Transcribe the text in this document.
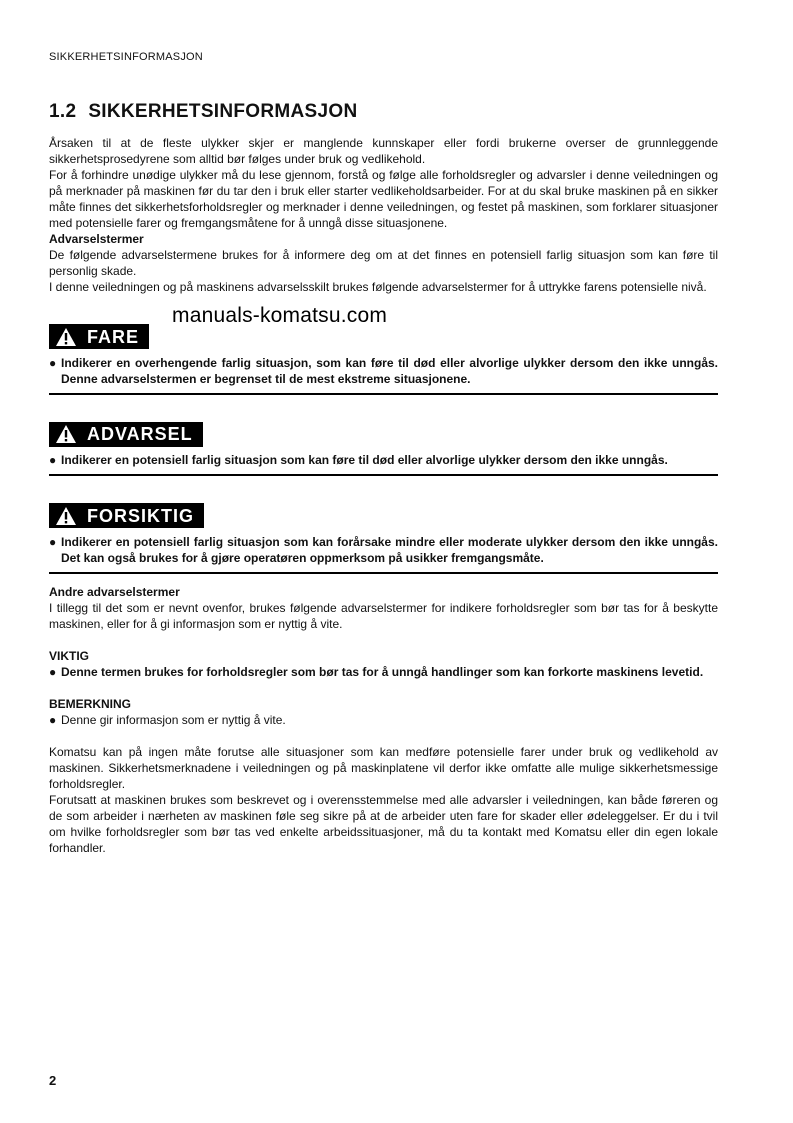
SIKKERHETSINFORMASJON
1.2 SIKKERHETSINFORMASJON

Årsaken til at de fleste ulykker skjer er manglende kunnskaper eller fordi brukerne overser de grunnleggende sikkerhetsprosedyrene som alltid bør følges under bruk og vedlikehold.

For å forhindre unødige ulykker må du lese gjennom, forstå og følge alle forholdsregler og advarsler i denne veiledningen og på merknader på maskinen før du tar den i bruk eller starter vedlikeholdsarbeider. For at du skal bruke maskinen på en sikker måte finnes det sikkerhetsforholdsregler og merknader i denne veiledningen, og festet på maskinen, som forklarer situasjoner med potensielle farer og fremgangsmåtene for å unngå disse situasjonene.

Advarselstermer

De følgende advarselstermene brukes for å informere deg om at det finnes en potensiell farlig situasjon som kan føre til personlig skade.

I denne veiledningen og på maskinens advarselsskilt brukes følgende advarselstermer for å uttrykke farens potensielle nivå.

FARE
● Indikerer en overhengende farlig situasjon, som kan føre til død eller alvorlige ulykker dersom den ikke unngås. Denne advarselstermen er begrenset til de mest ekstreme situasjonene.
ADVARSEL
● Indikerer en potensiell farlig situasjon som kan føre til død eller alvorlige ulykker dersom den ikke unngås.
FORSIKTIG
● Indikerer en potensiell farlig situasjon som kan forårsake mindre eller moderate ulykker dersom den ikke unngås. Det kan også brukes for å gjøre operatøren oppmerksom på usikker fremgangsmåte.
Andre advarselstermer

I tillegg til det som er nevnt ovenfor, brukes følgende advarselstermer for indikere forholdsregler som bør tas for å beskytte maskinen, eller for å gi informasjon som er nyttig å vite.

VIKTIG
● Denne termen brukes for forholdsregler som bør tas for å unngå handlinger som kan forkorte maskinens levetid.
BEMERKNING
● Denne gir informasjon som er nyttig å vite.

Komatsu kan på ingen måte forutse alle situasjoner som kan medføre potensielle farer under bruk og vedlikehold av maskinen. Sikkerhetsmerknadene i veiledningen og på maskinplatene vil derfor ikke omfatte alle mulige sikkerhetsmessige forholdsregler.

Forutsatt at maskinen brukes som beskrevet og i overensstemmelse med alle advarsler i veiledningen, kan både føreren og de som arbeider i nærheten av maskinen føle seg sikre på at de arbeider uten fare for skader eller ødeleggelser. Er du i tvil om hvilke forholdsregler som bør tas ved enkelte arbeidssituasjoner, må du ta kontakt med Komatsu eller din egen lokale forhandler.

manuals-komatsu.com
2
